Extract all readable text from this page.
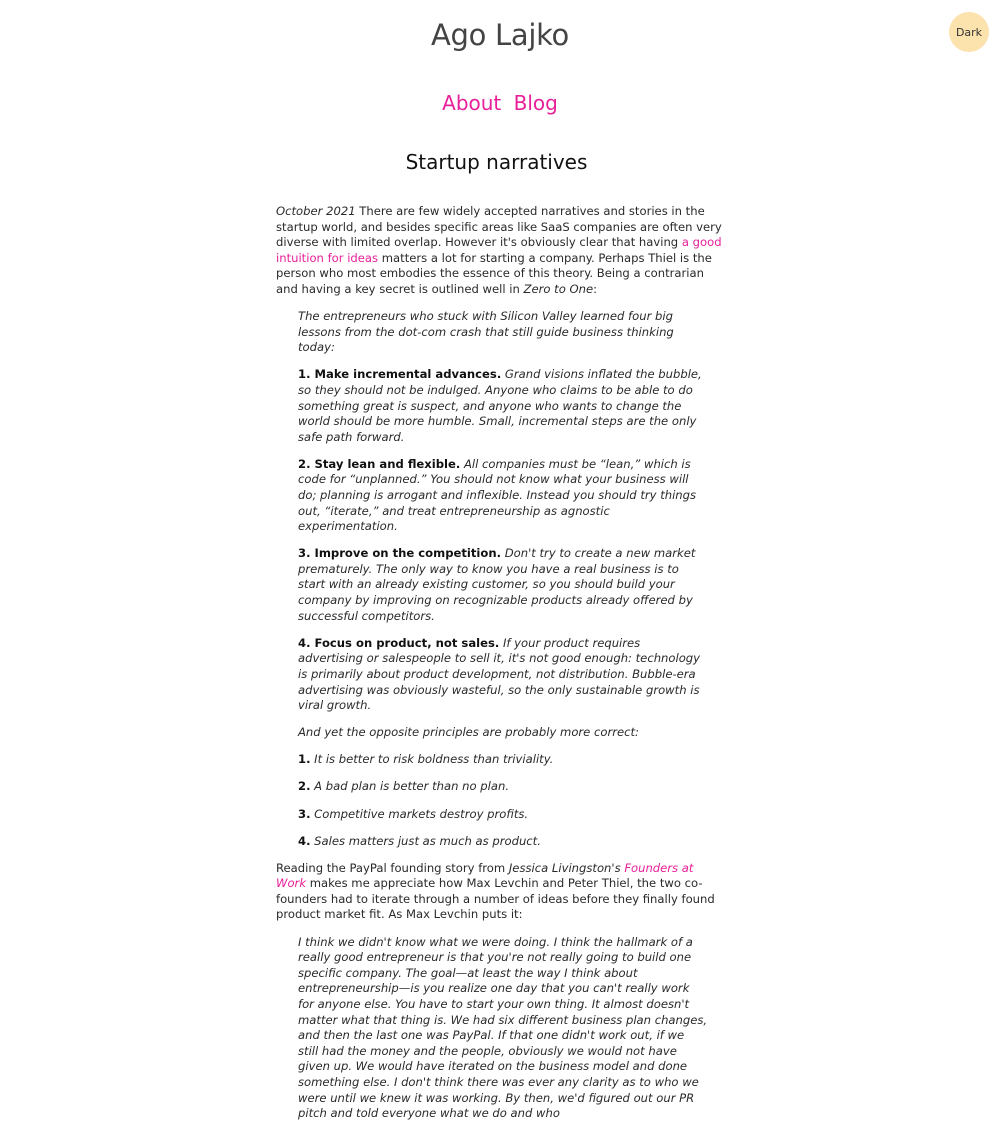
Dark
Ago Lajko
About Blog
Startup narratives

October 2021 There are few widely accepted narratives and stories in the startup world, and besides specific areas like SaaS companies are often very diverse with limited overlap. However it's obviously clear that having a good intuition for ideas matters a lot for starting a company. Perhaps Thiel is the person who most embodies the essence of this theory. Being a contrarian and having a key secret is outlined well in Zero to One:

The entrepreneurs who stuck with Silicon Valley learned four big lessons from the dot-com crash that still guide business thinking today:

1. Make incremental advances. Grand visions inflated the bubble, so they should not be indulged. Anyone who claims to be able to do something great is suspect, and anyone who wants to change the world should be more humble. Small, incremental steps are the only safe path forward.

2. Stay lean and flexible. All companies must be “lean,” which is code for “unplanned.” You should not know what your business will do; planning is arrogant and inflexible. Instead you should try things out, “iterate,” and treat entrepreneurship as agnostic experimentation.

3. Improve on the competition. Don't try to create a new market prematurely. The only way to know you have a real business is to start with an already existing customer, so you should build your company by improving on recognizable products already offered by successful competitors.

4. Focus on product, not sales. If your product requires advertising or salespeople to sell it, it's not good enough: technology is primarily about product development, not distribution. Bubble-era advertising was obviously wasteful, so the only sustainable growth is viral growth.

And yet the opposite principles are probably more correct:

1. It is better to risk boldness than triviality.

2. A bad plan is better than no plan.

3. Competitive markets destroy profits.

4. Sales matters just as much as product.

Reading the PayPal founding story from Jessica Livingston's Founders at Work makes me appreciate how Max Levchin and Peter Thiel, the two co-founders had to iterate through a number of ideas before they finally found product market fit. As Max Levchin puts it:

I think we didn't know what we were doing. I think the hallmark of a really good entrepreneur is that you're not really going to build one specific company. The goal—at least the way I think about entrepreneurship—is you realize one day that you can't really work for anyone else. You have to start your own thing. It almost doesn't matter what that thing is. We had six different business plan changes, and then the last one was PayPal. If that one didn't work out, if we still had the money and the people, obviously we would not have given up. We would have iterated on the business model and done something else. I don't think there was ever any clarity as to who we were until we knew it was working. By then, we'd figured out our PR pitch and told everyone what we do and who
